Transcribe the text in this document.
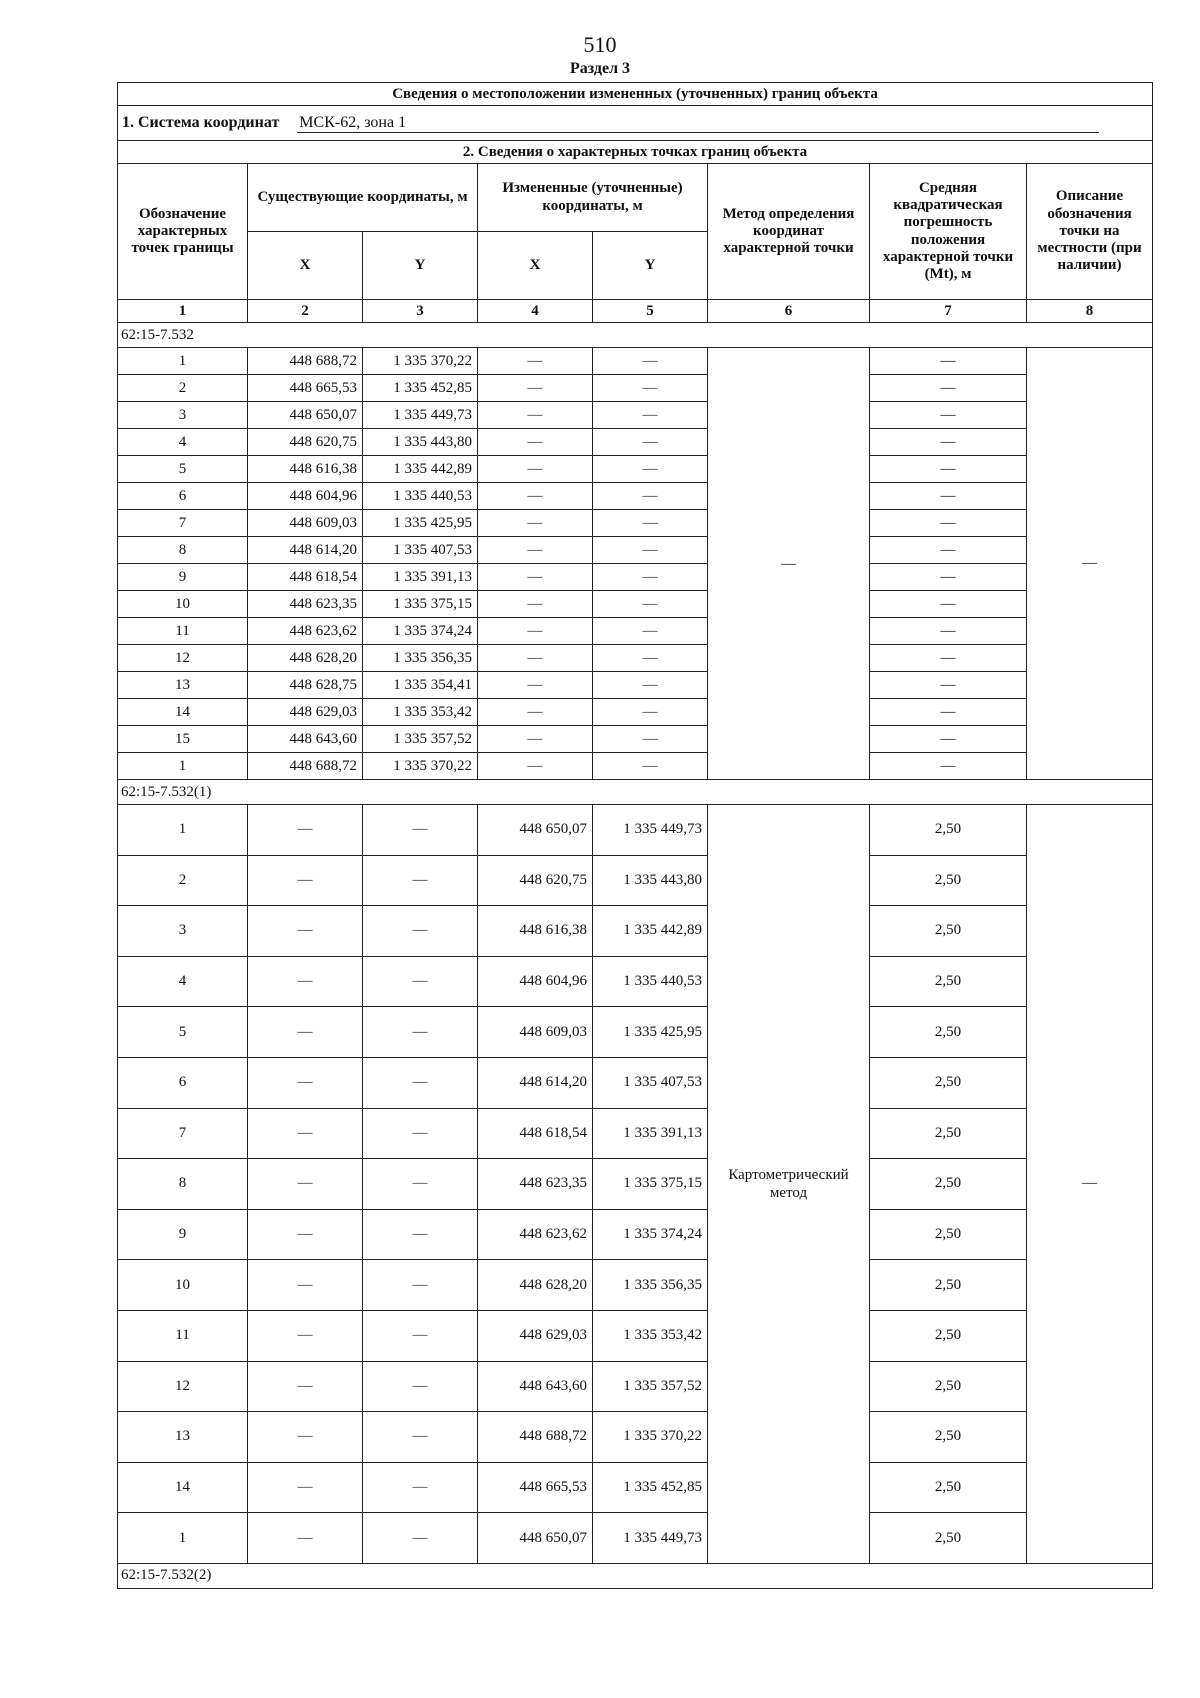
510
Раздел 3
Сведения о местоположении измененных (уточненных) границ объекта							
1. Система координат МСК-62, зона 1							
2. Сведения о характерных точках границ объекта							
Обозначение характерных точек границы	Существующие координаты, м		Измененные (уточненные) координаты, м		Метод определения координат характерной точки	Средняя квадратическая погрешность положения характерной точки (Mt), м	Описание обозначения точки на местности (при наличии)
	X	Y	X	Y			
1	2	3	4	5	6	7	8
62:15-7.532							
1	448 688,72	1 335 370,22	—	—	—	—	—
2	448 665,53	1 335 452,85	—	—		—	
3	448 650,07	1 335 449,73	—	—		—	
4	448 620,75	1 335 443,80	—	—		—	
5	448 616,38	1 335 442,89	—	—		—	
6	448 604,96	1 335 440,53	—	—		—	
7	448 609,03	1 335 425,95	—	—		—	
8	448 614,20	1 335 407,53	—	—		—	
9	448 618,54	1 335 391,13	—	—		—	
10	448 623,35	1 335 375,15	—	—		—	
11	448 623,62	1 335 374,24	—	—		—	
12	448 628,20	1 335 356,35	—	—		—	
13	448 628,75	1 335 354,41	—	—		—	
14	448 629,03	1 335 353,42	—	—		—	
15	448 643,60	1 335 357,52	—	—		—	
1	448 688,72	1 335 370,22	—	—		—	
62:15-7.532(1)							
1	—	—	448 650,07	1 335 449,73	Картометрический метод	2,50	—
2	—	—	448 620,75	1 335 443,80		2,50	
3	—	—	448 616,38	1 335 442,89		2,50	
4	—	—	448 604,96	1 335 440,53		2,50	
5	—	—	448 609,03	1 335 425,95		2,50	
6	—	—	448 614,20	1 335 407,53		2,50	
7	—	—	448 618,54	1 335 391,13		2,50	
8	—	—	448 623,35	1 335 375,15		2,50	
9	—	—	448 623,62	1 335 374,24		2,50	
10	—	—	448 628,20	1 335 356,35		2,50	
11	—	—	448 629,03	1 335 353,42		2,50	
12	—	—	448 643,60	1 335 357,52		2,50	
13	—	—	448 688,72	1 335 370,22		2,50	
14	—	—	448 665,53	1 335 452,85		2,50	
1	—	—	448 650,07	1 335 449,73		2,50	
62:15-7.532(2)							
